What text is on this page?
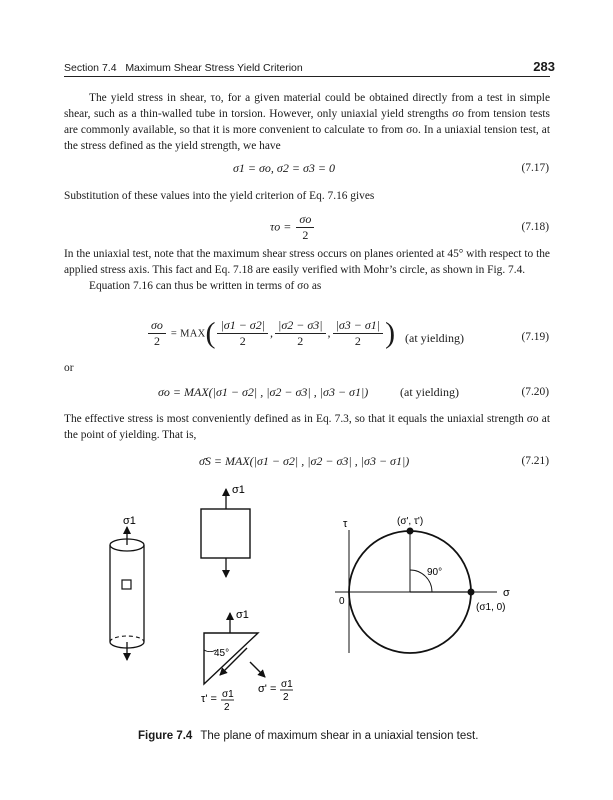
Section 7.4 Maximum Shear Stress Yield Criterion	283

The yield stress in shear, τo, for a given material could be obtained directly from a test in simple shear, such as a thin-walled tube in torsion. However, only uniaxial yield strengths σo from tension tests are commonly available, so that it is more convenient to calculate τo from σo. In a uniaxial tension test, at the stress defined as the yield strength, we have

σ1 = σo, σ2 = σ3 = 0	(7.17)

Substitution of these values into the yield criterion of Eq. 7.16 gives

$\tau o = \frac{\sigma o}{2}$	(7.18)

In the uniaxial test, note that the maximum shear stress occurs on planes oriented at 45° with respect to the applied stress axis. This fact and Eq. 7.18 are easily verified with Mohr’s circle, as shown in Fig. 7.4.

Equation 7.16 can thus be written in terms of σo as

$\frac{\sigma o}{2} = MAX( \frac{|\sigma 1 - \sigma 2|}{2}$ , $\frac{|\sigma 2 - \sigma 3|}{2}$ , $\frac{|\sigma 3 - \sigma 1|}{2}$ ) (at yielding)	(7.19)

or

σo = MAX(|σ1 − σ2| , |σ2 − σ3| , |σ3 − σ1|)	(at yielding)	(7.20)

The effective stress is most conveniently defined as in Eq. 7.3, so that it equals the uniaxial strength σo at the point of yielding. That is,

σ̄S = MAX(|σ1 − σ2| , |σ2 − σ3| , |σ3 − σ1|)	(7.21)
σ1
σ1
45°
σ1
τ' = σ1
2
σ' = σ1
2
τ
σ
0
(σ', τ')
(σ1, 0)
90°
Figure 7.4 The plane of maximum shear in a uniaxial tension test.
